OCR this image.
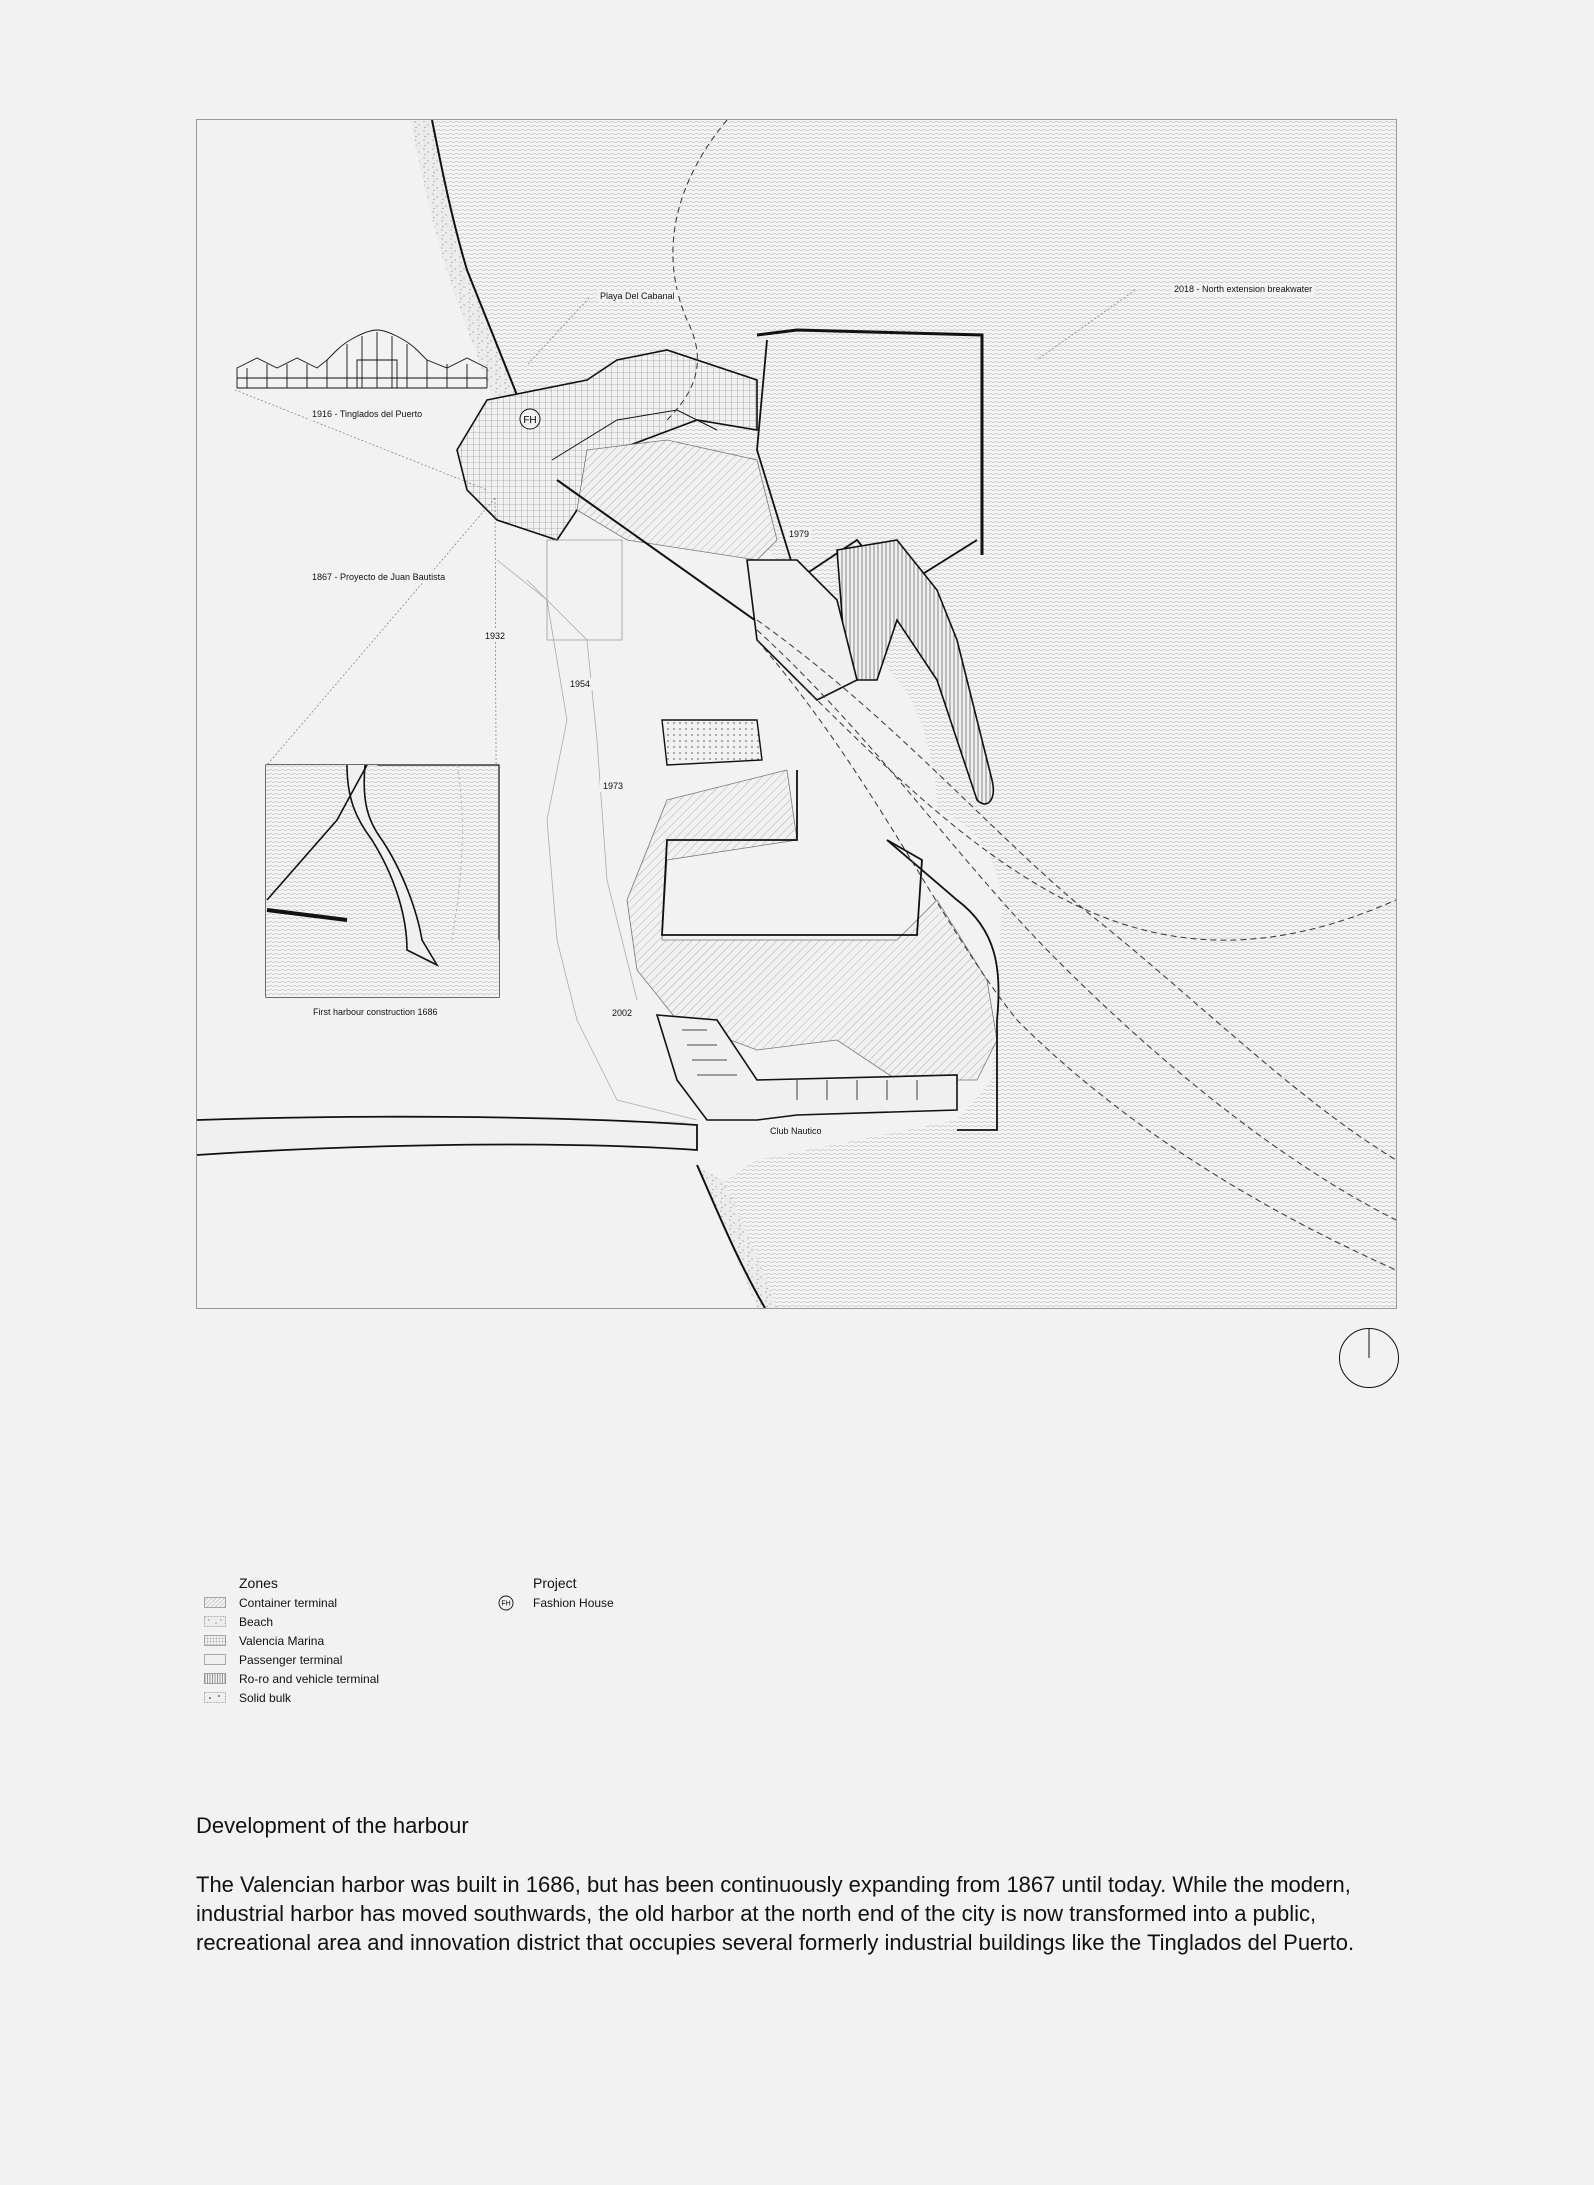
FH
Playa Del Cabanal
2018 - North extension breakwater
1916 - Tinglados del Puerto
1867 - Proyecto de Juan Bautista
1979
1932
1954
1973
First harbour construction 1686	2002
Club Nautico
Zones
Container terminal
Beach
Valencia Marina
Passenger terminal
Ro-ro and vehicle terminal
Solid bulk
Project
FH Fashion House
Development of the harbour

The Valencian harbor was built in 1686, but has been continuously expanding from 1867 until today. While the modern, industrial harbor has moved southwards, the old harbor at the north end of the city is now transformed into a public, recreational area and innovation district that occupies several formerly industrial buildings like the Tinglados del Puerto.
